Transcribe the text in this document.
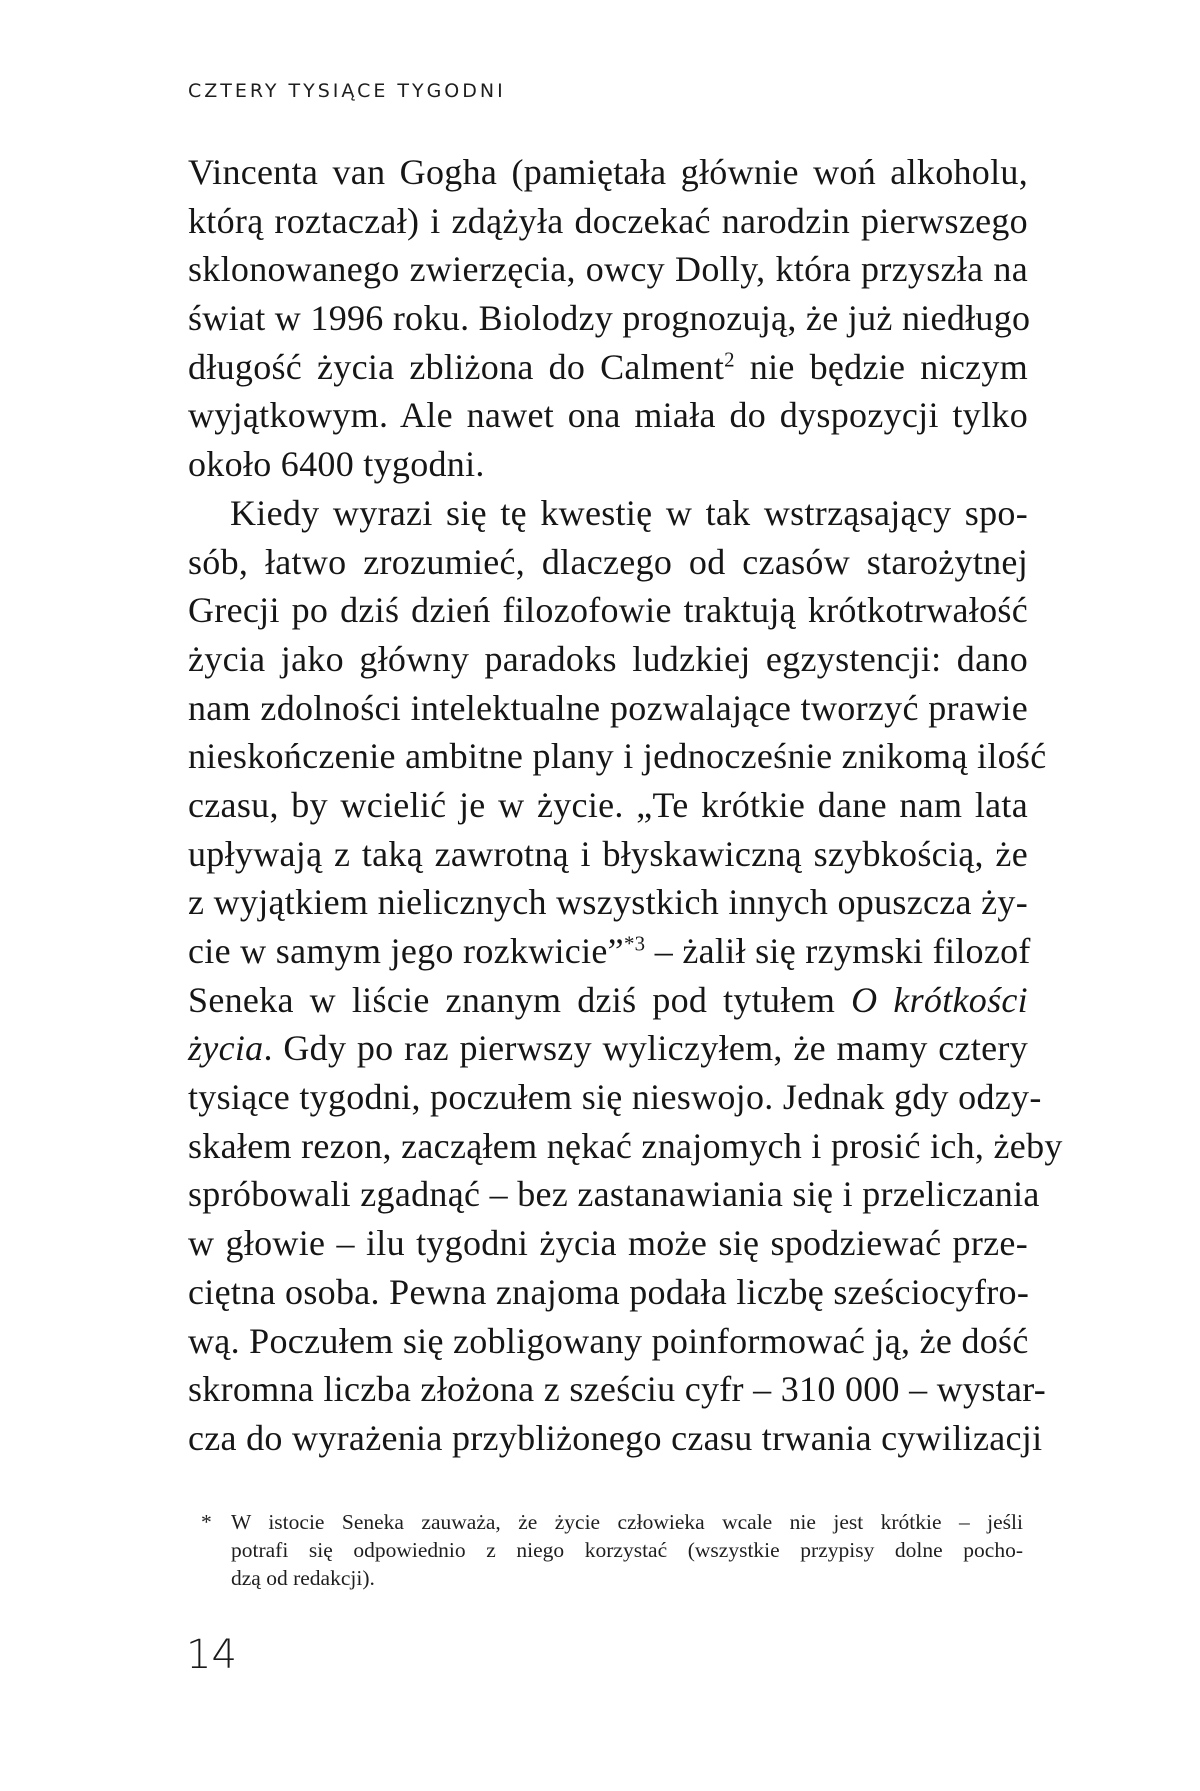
CZTERY TYSIĄCE TYGODNI
Vincenta van Gogha (pamiętała głównie woń alkoholu,
którą roztaczał) i zdążyła doczekać narodzin pierwszego
sklonowanego zwierzęcia, owcy Dolly, która przyszła na
świat w 1996 roku. Biolodzy prognozują, że już niedługo
długość życia zbliżona do Calment$^2$ nie będzie niczym
wyjątkowym. Ale nawet ona miała do dyspozycji tylko
około 6400 tygodni.
Kiedy wyrazi się tę kwestię w tak wstrząsający spo-
sób, łatwo zrozumieć, dlaczego od czasów starożytnej
Grecji po dziś dzień filozofowie traktują krótkotrwałość
życia jako główny paradoks ludzkiej egzystencji: dano
nam zdolności intelektualne pozwalające tworzyć prawie
nieskończenie ambitne plany i jednocześnie znikomą ilość
czasu, by wcielić je w życie. „Te krótkie dane nam lata
upływają z taką zawrotną i błyskawiczną szybkością, że
z wyjątkiem nielicznych wszystkich innych opuszcza ży-
cie w samym jego rozkwicie”$^{*3}$ – żalił się rzymski filozof
Seneka w liście znanym dziś pod tytułem O krótkości
życia. Gdy po raz pierwszy wyliczyłem, że mamy cztery
tysiące tygodni, poczułem się nieswojo. Jednak gdy odzy-
skałem rezon, zacząłem nękać znajomych i prosić ich, żeby
spróbowali zgadnąć – bez zastanawiania się i przeliczania
w głowie – ilu tygodni życia może się spodziewać prze-
ciętna osoba. Pewna znajoma podała liczbę sześciocyfro-
wą. Poczułem się zobligowany poinformować ją, że dość
skromna liczba złożona z sześciu cyfr – 310 000 – wystar-
cza do wyrażenia przybliżonego czasu trwania cywilizacji
* W istocie Seneka zauważa, że życie człowieka wcale nie jest krótkie – jeśli
potrafi się odpowiednio z niego korzystać (wszystkie przypisy dolne pocho-
dzą od redakcji).
14
